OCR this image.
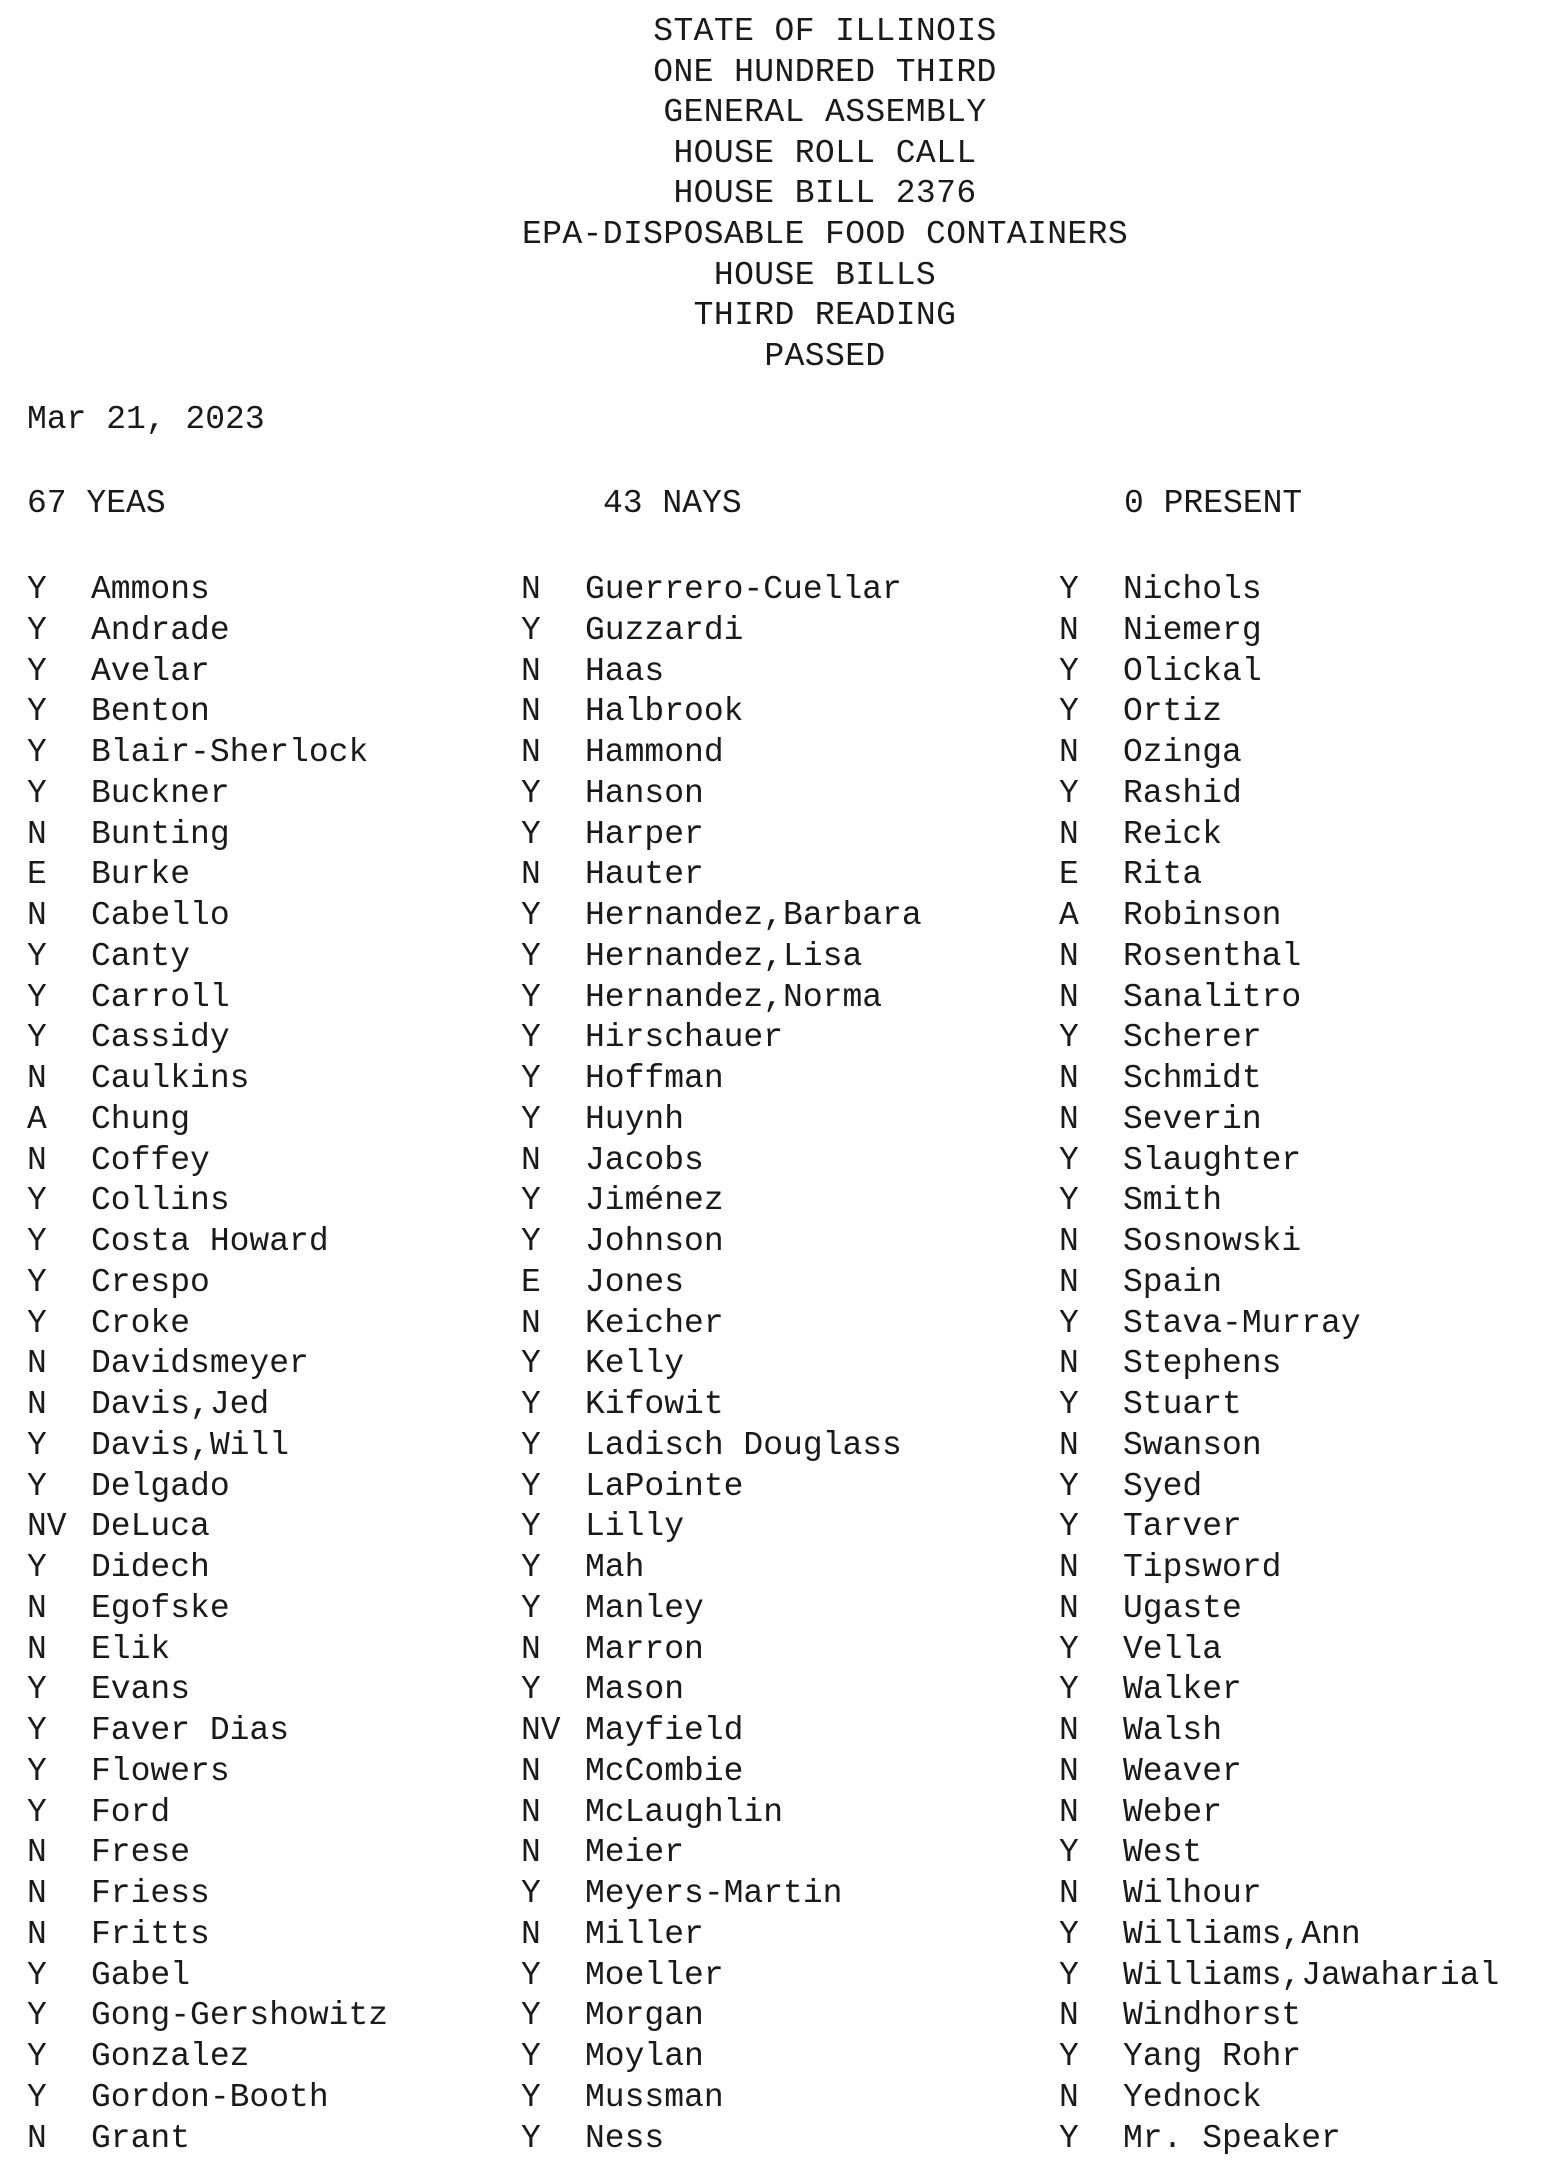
STATE OF ILLINOIS
ONE HUNDRED THIRD
GENERAL ASSEMBLY
HOUSE ROLL CALL
HOUSE BILL 2376
EPA-DISPOSABLE FOOD CONTAINERS
HOUSE BILLS
THIRD READING
PASSED
Mar 21, 2023
67 YEAS	43 NAYS	0 PRESENT
Y Ammons
Y Andrade
Y Avelar
Y Benton
Y Blair-Sherlock
Y Buckner
N Bunting
E Burke
N Cabello
Y Canty
Y Carroll
Y Cassidy
N Caulkins
A Chung
N Coffey
Y Collins
Y Costa Howard
Y Crespo
Y Croke
N Davidsmeyer
N Davis,Jed
Y Davis,Will
Y Delgado
NV DeLuca
Y Didech
N Egofske
N Elik
Y Evans
Y Faver Dias
Y Flowers
Y Ford
N Frese
N Friess
N Fritts
Y Gabel
Y Gong-Gershowitz
Y Gonzalez
Y Gordon-Booth
N Grant
N Guerrero-Cuellar
Y Guzzardi
N Haas
N Halbrook
N Hammond
Y Hanson
Y Harper
N Hauter
Y Hernandez,Barbara
Y Hernandez,Lisa
Y Hernandez,Norma
Y Hirschauer
Y Hoffman
Y Huynh
N Jacobs
Y Jiménez
Y Johnson
E Jones
N Keicher
Y Kelly
Y Kifowit
Y Ladisch Douglass
Y LaPointe
Y Lilly
Y Mah
Y Manley
N Marron
Y Mason
NV Mayfield
N McCombie
N McLaughlin
N Meier
Y Meyers-Martin
N Miller
Y Moeller
Y Morgan
Y Moylan
Y Mussman
Y Ness
Y Nichols
N Niemerg
Y Olickal
Y Ortiz
N Ozinga
Y Rashid
N Reick
E Rita
A Robinson
N Rosenthal
N Sanalitro
Y Scherer
N Schmidt
N Severin
Y Slaughter
Y Smith
N Sosnowski
N Spain
Y Stava-Murray
N Stephens
Y Stuart
N Swanson
Y Syed
Y Tarver
N Tipsword
N Ugaste
Y Vella
Y Walker
N Walsh
N Weaver
N Weber
Y West
N Wilhour
Y Williams,Ann
Y Williams,Jawaharial
N Windhorst
Y Yang Rohr
N Yednock
Y Mr. Speaker
